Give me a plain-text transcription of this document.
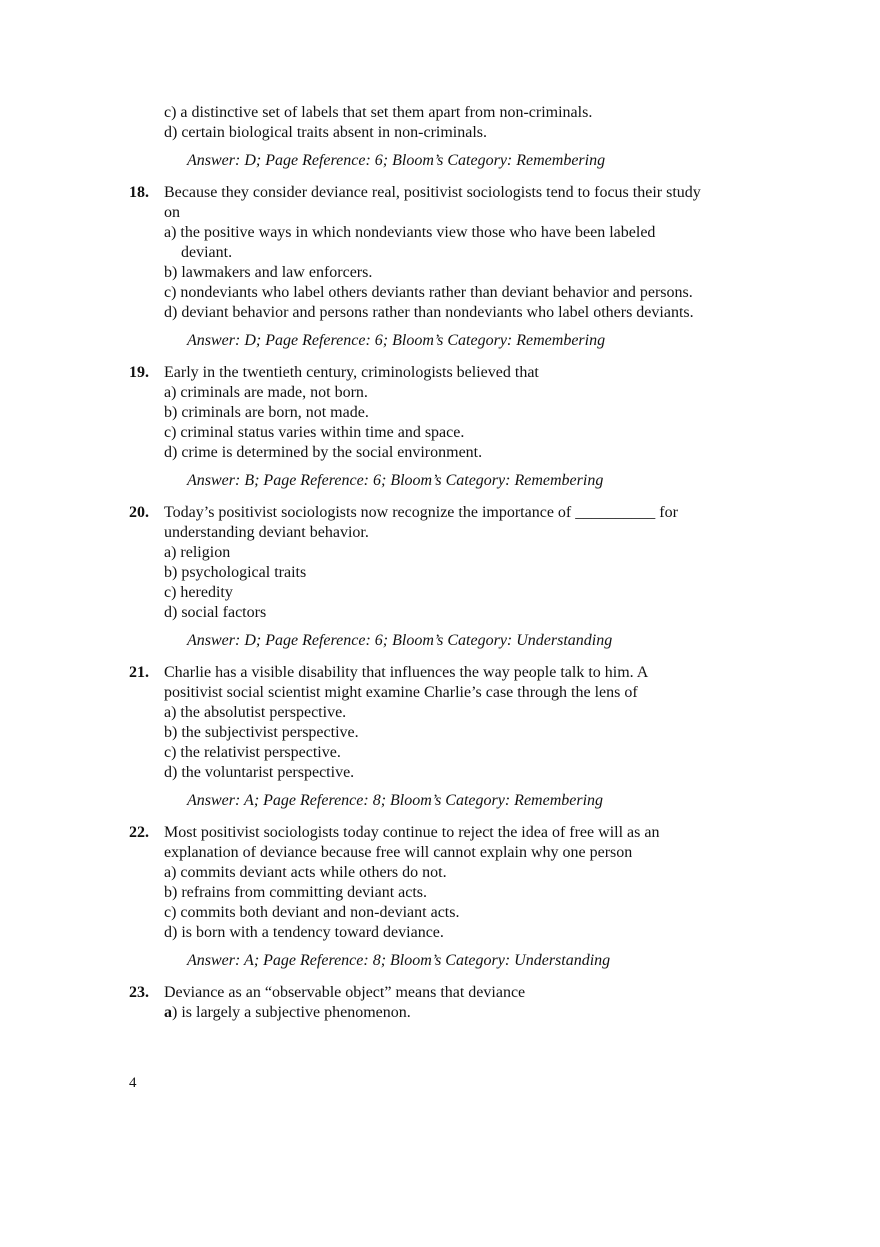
c) a distinctive set of labels that set them apart from non-criminals.
d) certain biological traits absent in non-criminals.
Answer: D; Page Reference: 6; Bloom’s Category: Remembering
18. Because they consider deviance real, positivist sociologists tend to focus their study
on
a) the positive ways in which nondeviants view those who have been labeled
deviant.
b) lawmakers and law enforcers.
c) nondeviants who label others deviants rather than deviant behavior and persons.
d) deviant behavior and persons rather than nondeviants who label others deviants.
Answer: D; Page Reference: 6; Bloom’s Category: Remembering
19. Early in the twentieth century, criminologists believed that
a) criminals are made, not born.
b) criminals are born, not made.
c) criminal status varies within time and space.
d) crime is determined by the social environment.
Answer: B; Page Reference: 6; Bloom’s Category: Remembering
20. Today’s positivist sociologists now recognize the importance of __________ for
understanding deviant behavior.
a) religion
b) psychological traits
c) heredity
d) social factors
Answer: D; Page Reference: 6; Bloom’s Category: Understanding
21. Charlie has a visible disability that influences the way people talk to him. A
positivist social scientist might examine Charlie’s case through the lens of
a) the absolutist perspective.
b) the subjectivist perspective.
c) the relativist perspective.
d) the voluntarist perspective.
Answer: A; Page Reference: 8; Bloom’s Category: Remembering
22. Most positivist sociologists today continue to reject the idea of free will as an
explanation of deviance because free will cannot explain why one person
a) commits deviant acts while others do not.
b) refrains from committing deviant acts.
c) commits both deviant and non-deviant acts.
d) is born with a tendency toward deviance.
Answer: A; Page Reference: 8; Bloom’s Category: Understanding
23. Deviance as an “observable object” means that deviance
a) is largely a subjective phenomenon.
4
